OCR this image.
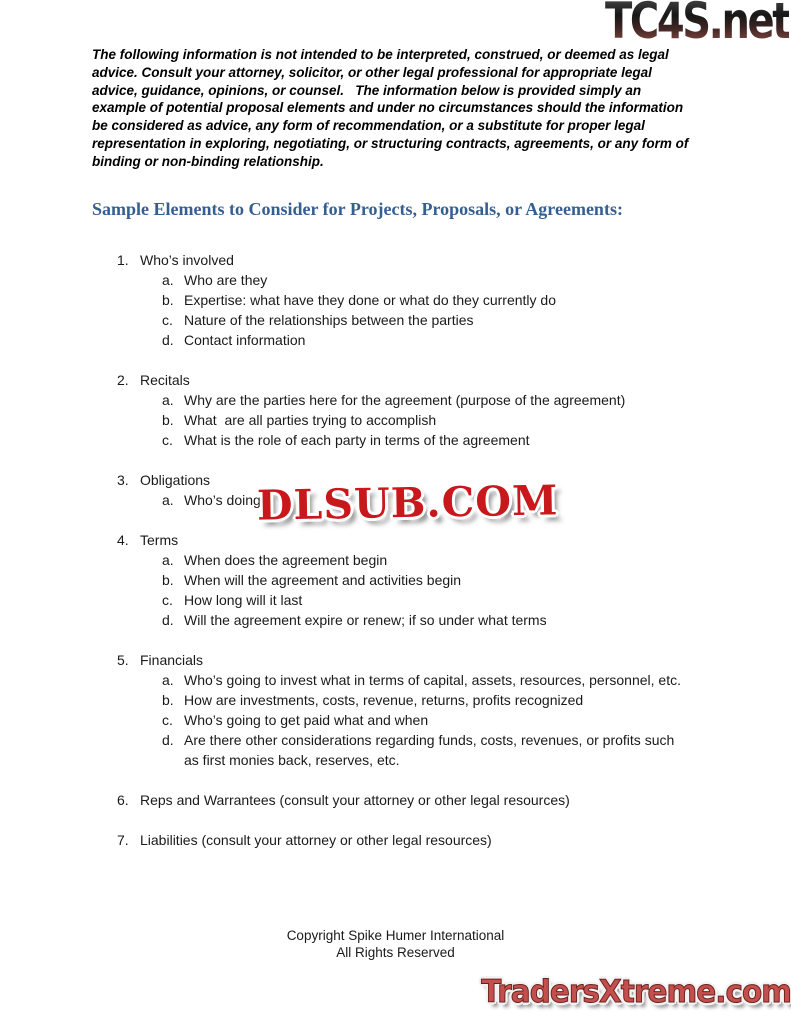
TC4S.net
The following information is not intended to be interpreted, construed, or deemed as legal advice. Consult your attorney, solicitor, or other legal professional for appropriate legal advice, guidance, opinions, or counsel.   The information below is provided simply an example of potential proposal elements and under no circumstances should the information be considered as advice, any form of recommendation, or a substitute for proper legal representation in exploring, negotiating, or structuring contracts, agreements, or any form of binding or non-binding relationship.
Sample Elements to Consider for Projects, Proposals, or Agreements:
1. Who’s involved
a. Who are they
b. Expertise: what have they done or what do they currently do
c. Nature of the relationships between the parties
d. Contact information
2. Recitals
a. Why are the parties here for the agreement (purpose of the agreement)
b. What  are all parties trying to accomplish
c. What is the role of each party in terms of the agreement
3. Obligations
a. Who’s doing
4. Terms
a. When does the agreement begin
b. When will the agreement and activities begin
c. How long will it last
d. Will the agreement expire or renew; if so under what terms
5. Financials
a. Who’s going to invest what in terms of capital, assets, resources, personnel, etc.
b. How are investments, costs, revenue, returns, profits recognized
c. Who’s going to get paid what and when
d. Are there other considerations regarding funds, costs, revenues, or profits such as first monies back, reserves, etc.
6. Reps and Warrantees (consult your attorney or other legal resources)
7. Liabilities (consult your attorney or other legal resources)
DLSUB.COM
Copyright Spike Humer International
All Rights Reserved
TradersXtreme.com
